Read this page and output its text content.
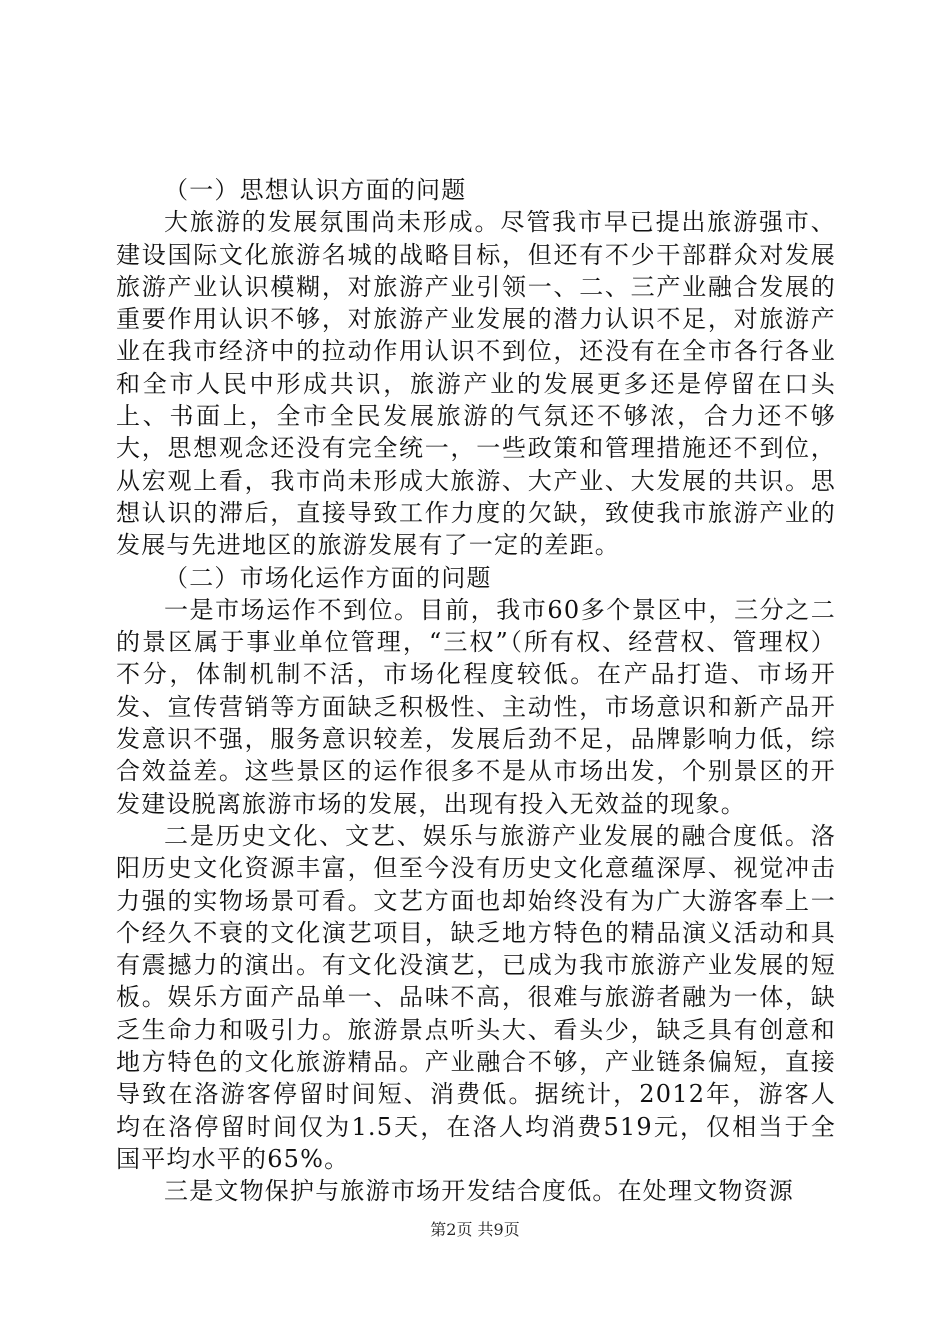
（一）思想认识方面的问题

大旅游的发展氛围尚未形成。尽管我市早已提出旅游强市、建设国际文化旅游名城的战略目标，但还有不少干部群众对发展旅游产业认识模糊，对旅游产业引领一、二、三产业融合发展的重要作用认识不够，对旅游产业发展的潜力认识不足，对旅游产业在我市经济中的拉动作用认识不到位，还没有在全市各行各业和全市人民中形成共识，旅游产业的发展更多还是停留在口头上、书面上，全市全民发展旅游的气氛还不够浓，合力还不够大，思想观念还没有完全统一，一些政策和管理措施还不到位，从宏观上看，我市尚未形成大旅游、大产业、大发展的共识。思想认识的滞后，直接导致工作力度的欠缺，致使我市旅游产业的发展与先进地区的旅游发展有了一定的差距。

（二）市场化运作方面的问题

一是市场运作不到位。目前，我市60多个景区中，三分之二的景区属于事业单位管理，“三权”（所有权、经营权、管理权）不分，体制机制不活，市场化程度较低。在产品打造、市场开发、宣传营销等方面缺乏积极性、主动性，市场意识和新产品开发意识不强，服务意识较差，发展后劲不足，品牌影响力低，综合效益差。这些景区的运作很多不是从市场出发，个别景区的开发建设脱离旅游市场的发展，出现有投入无效益的现象。

二是历史文化、文艺、娱乐与旅游产业发展的融合度低。洛阳历史文化资源丰富，但至今没有历史文化意蕴深厚、视觉冲击力强的实物场景可看。文艺方面也却始终没有为广大游客奉上一个经久不衰的文化演艺项目，缺乏地方特色的精品演义活动和具有震撼力的演出。有文化没演艺，已成为我市旅游产业发展的短板。娱乐方面产品单一、品味不高，很难与旅游者融为一体，缺乏生命力和吸引力。旅游景点听头大、看头少，缺乏具有创意和地方特色的文化旅游精品。产业融合不够，产业链条偏短，直接导致在洛游客停留时间短、消费低。据统计，2012年，游客人均在洛停留时间仅为1.5天，在洛人均消费519元，仅相当于全国平均水平的65%。

三是文物保护与旅游市场开发结合度低。在处理文物资源

第2页 共9页
